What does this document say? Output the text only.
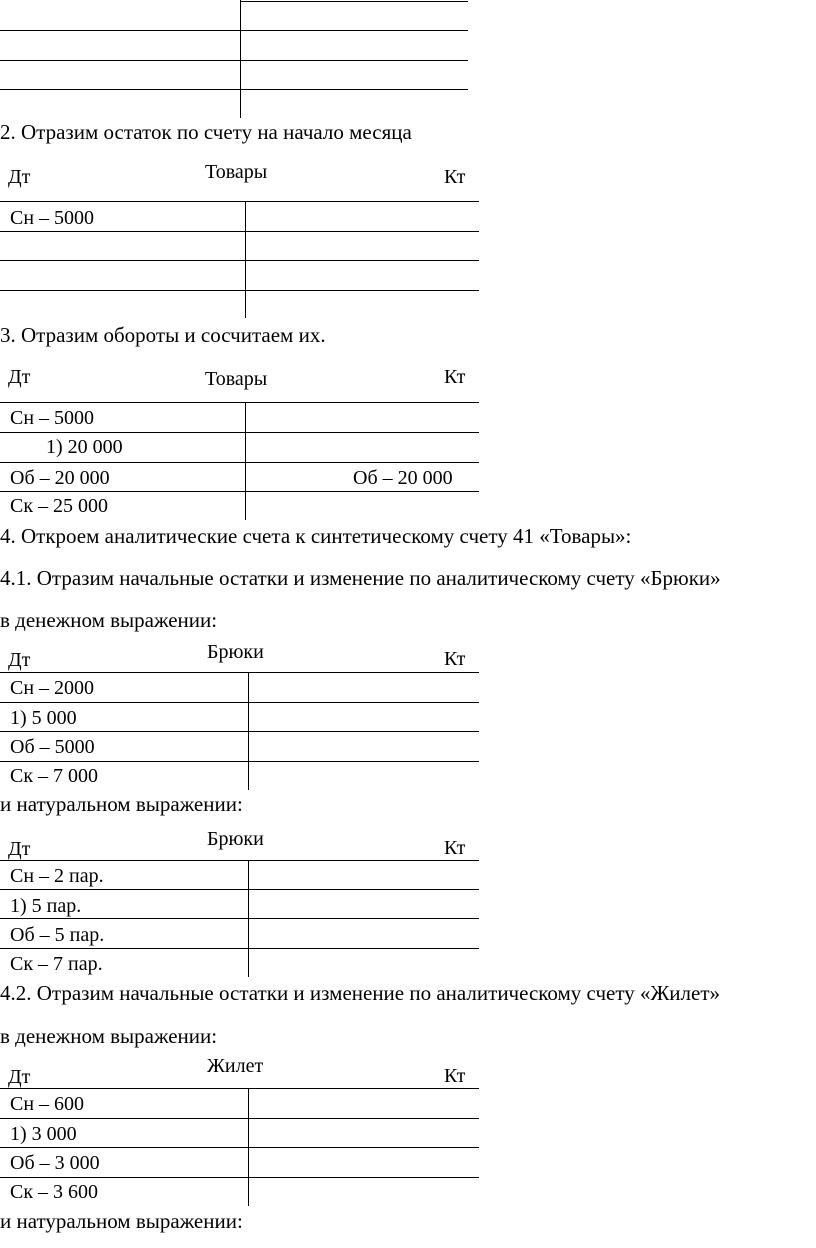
2. Отразим остаток по счету на начало месяца
Дт	Товары	Кт
Сн – 5000
3. Отразим обороты и сосчитаем их.
Дт	Товары	Кт
Сн – 5000
1) 20 000
Об – 20 000	Об – 20 000
Ск – 25 000
4. Откроем аналитические счета к синтетическому счету 41 «Товары»:
4.1. Отразим начальные остатки и изменение по аналитическому счету «Брюки»
в денежном выражении:
Дт	Брюки	Кт
Сн – 2000
1) 5 000
Об – 5000
Ск – 7 000
и натуральном выражении:
Дт	Брюки	Кт
Сн – 2 пар.
1) 5 пар.
Об – 5 пар.
Ск – 7 пар.
4.2. Отразим начальные остатки и изменение по аналитическому счету «Жилет»
в денежном выражении:
Дт	Жилет	Кт
Сн – 600
1) 3 000
Об – 3 000
Ск – 3 600
и натуральном выражении:
